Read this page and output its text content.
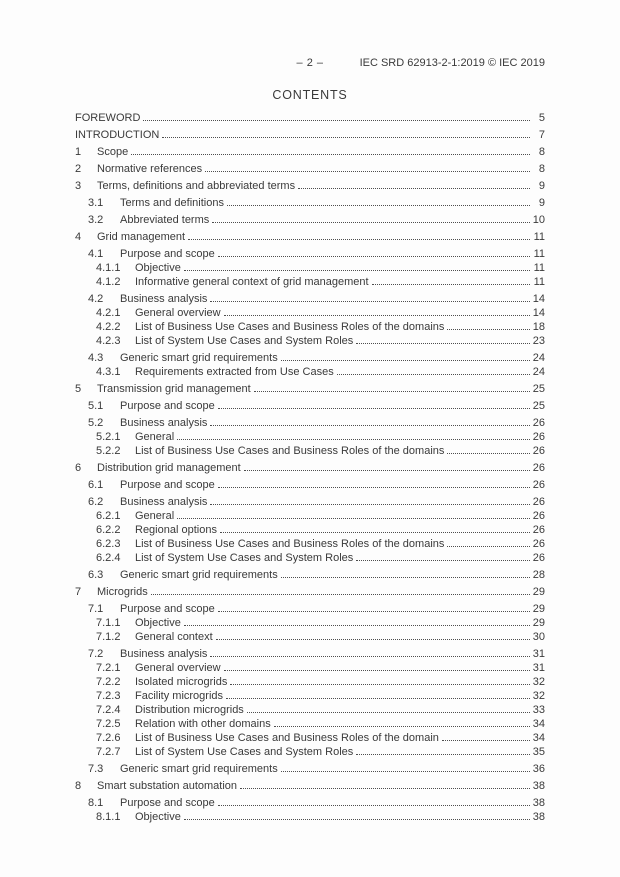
– 2 –	IEC SRD 62913-2-1:2019 © IEC 2019
CONTENTS
FOREWORD	5
INTRODUCTION	7
1	Scope	8
2	Normative references	8
3	Terms, definitions and abbreviated terms	9
3.1	Terms and definitions	9
3.2	Abbreviated terms	10
4	Grid management	11
4.1	Purpose and scope	11
4.1.1	Objective	11
4.1.2	Informative general context of grid management	11
4.2	Business analysis	14
4.2.1	General overview	14
4.2.2	List of Business Use Cases and Business Roles of the domains	18
4.2.3	List of System Use Cases and System Roles	23
4.3	Generic smart grid requirements	24
4.3.1	Requirements extracted from Use Cases	24
5	Transmission grid management	25
5.1	Purpose and scope	25
5.2	Business analysis	26
5.2.1	General	26
5.2.2	List of Business Use Cases and Business Roles of the domains	26
6	Distribution grid management	26
6.1	Purpose and scope	26
6.2	Business analysis	26
6.2.1	General	26
6.2.2	Regional options	26
6.2.3	List of Business Use Cases and Business Roles of the domains	26
6.2.4	List of System Use Cases and System Roles	26
6.3	Generic smart grid requirements	28
7	Microgrids	29
7.1	Purpose and scope	29
7.1.1	Objective	29
7.1.2	General context	30
7.2	Business analysis	31
7.2.1	General overview	31
7.2.2	Isolated microgrids	32
7.2.3	Facility microgrids	32
7.2.4	Distribution microgrids	33
7.2.5	Relation with other domains	34
7.2.6	List of Business Use Cases and Business Roles of the domain	34
7.2.7	List of System Use Cases and System Roles	35
7.3	Generic smart grid requirements	36
8	Smart substation automation	38
8.1	Purpose and scope	38
8.1.1	Objective	38
